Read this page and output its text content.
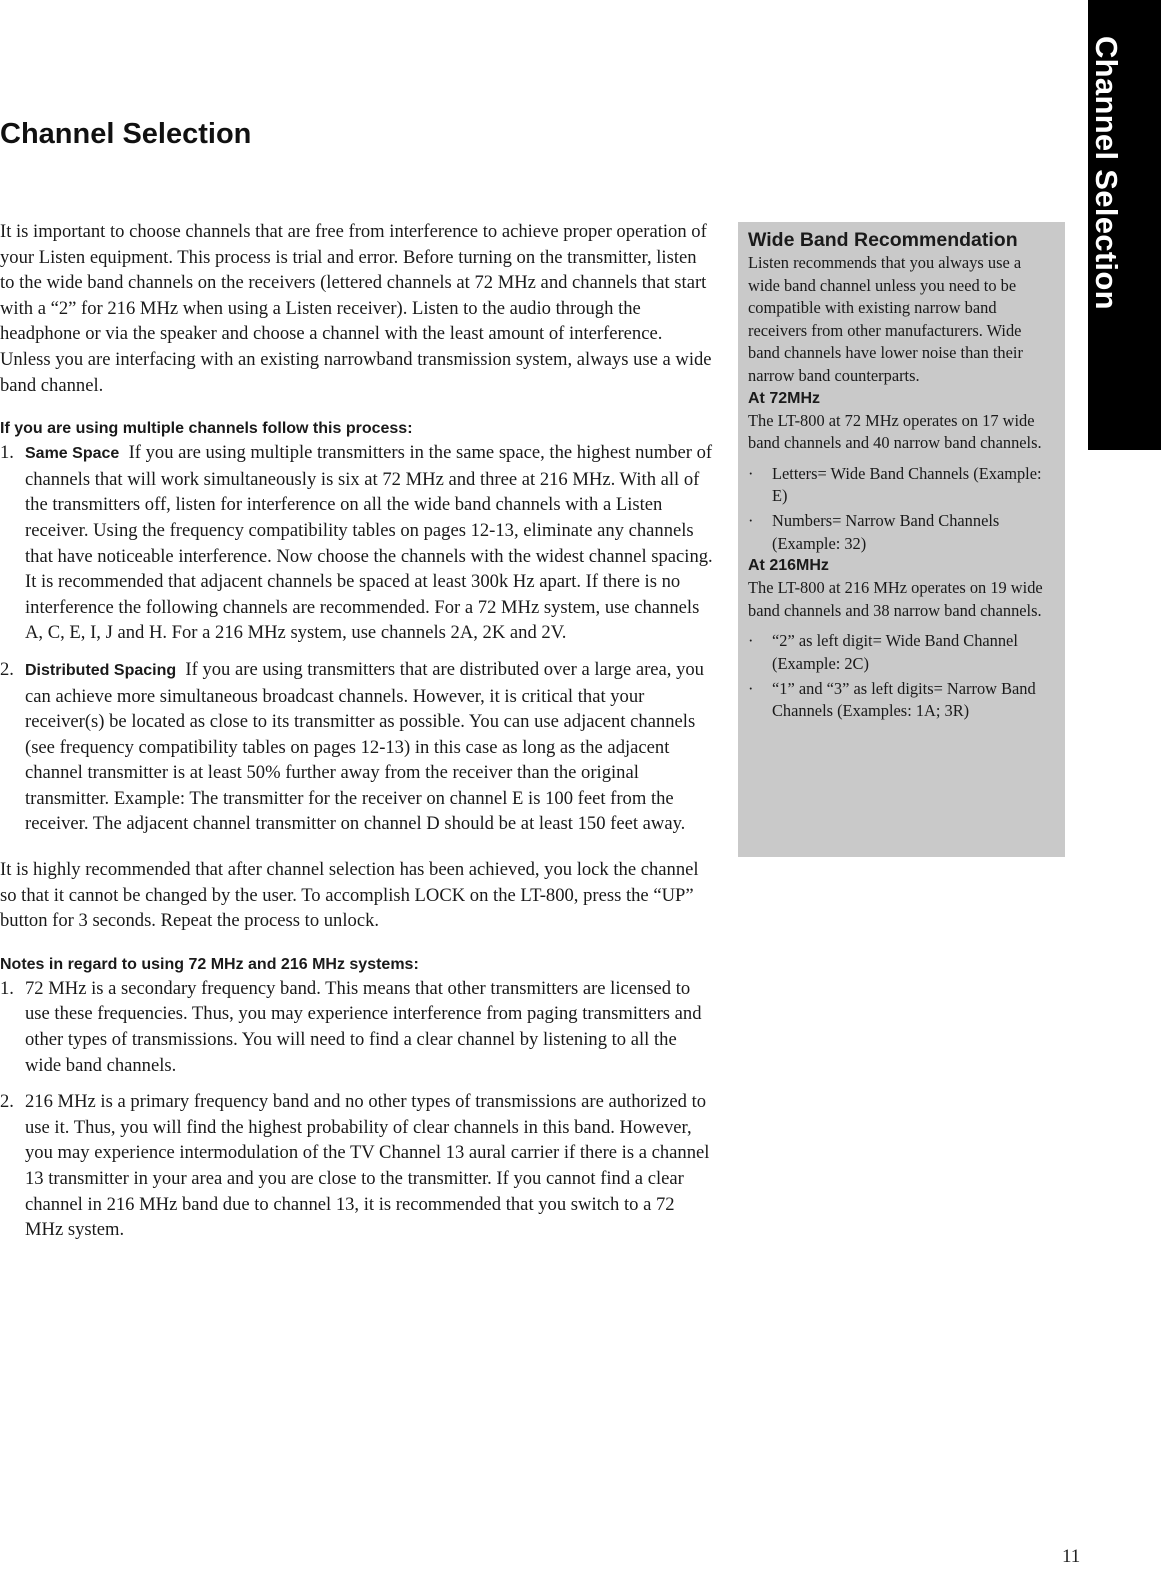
Channel Selection
Channel Selection

It is important to choose channels that are free from interference to achieve proper operation of your Listen equipment. This process is trial and error. Before turning on the transmitter, listen to the wide band channels on the receivers (lettered channels at 72 MHz and channels that start with a “2” for 216 MHz when using a Listen receiver). Listen to the audio through the headphone or via the speaker and choose a channel with the least amount of interference. Unless you are interfacing with an existing narrowband transmission system, always use a wide band channel.

If you are using multiple channels follow this process:

1. Same Space If you are using multiple transmitters in the same space, the highest number of channels that will work simultaneously is six at 72 MHz and three at 216 MHz. With all of the transmitters off, listen for interference on all the wide band channels with a Listen receiver. Using the frequency compatibility tables on pages 12-13, eliminate any channels that have noticeable interference. Now choose the channels with the widest channel spacing. It is recommended that adjacent channels be spaced at least 300k Hz apart. If there is no interference the following channels are recommended. For a 72 MHz system, use channels A, C, E, I, J and H. For a 216 MHz system, use channels 2A, 2K and 2V.
2. Distributed Spacing If you are using transmitters that are distributed over a large area, you can achieve more simultaneous broadcast channels. However, it is critical that your receiver(s) be located as close to its transmitter as possible. You can use adjacent channels (see frequency compatibility tables on pages 12-13) in this case as long as the adjacent channel transmitter is at least 50% further away from the receiver than the original transmitter. Example: The transmitter for the receiver on channel E is 100 feet from the receiver. The adjacent channel transmitter on channel D should be at least 150 feet away.

It is highly recommended that after channel selection has been achieved, you lock the channel so that it cannot be changed by the user. To accomplish LOCK on the LT-800, press the “UP” button for 3 seconds. Repeat the process to unlock.

Notes in regard to using 72 MHz and 216 MHz systems:

1. 72 MHz is a secondary frequency band. This means that other transmitters are licensed to use these frequencies. Thus, you may experience interference from paging transmitters and other types of transmissions. You will need to find a clear channel by listening to all the wide band channels.
2. 216 MHz is a primary frequency band and no other types of transmissions are authorized to use it. Thus, you will find the highest probability of clear channels in this band. However, you may experience intermodulation of the TV Channel 13 aural carrier if there is a channel 13 transmitter in your area and you are close to the transmitter. If you cannot find a clear channel in 216 MHz band due to channel 13, it is recommended that you switch to a 72 MHz system.

Wide Band Recommendation

Listen recommends that you always use a wide band channel unless you need to be compatible with existing narrow band receivers from other manufacturers. Wide band channels have lower noise than their narrow band counterparts.

At 72MHz

The LT-800 at 72 MHz operates on 17 wide band channels and 40 narrow band channels.

· Letters= Wide Band Channels (Example: E)
· Numbers= Narrow Band Channels (Example: 32)

At 216MHz

The LT-800 at 216 MHz operates on 19 wide band channels and 38 narrow band channels.

· “2” as left digit= Wide Band Channel (Example: 2C)
· “1” and “3” as left digits= Narrow Band Channels (Examples: 1A; 3R)
11
